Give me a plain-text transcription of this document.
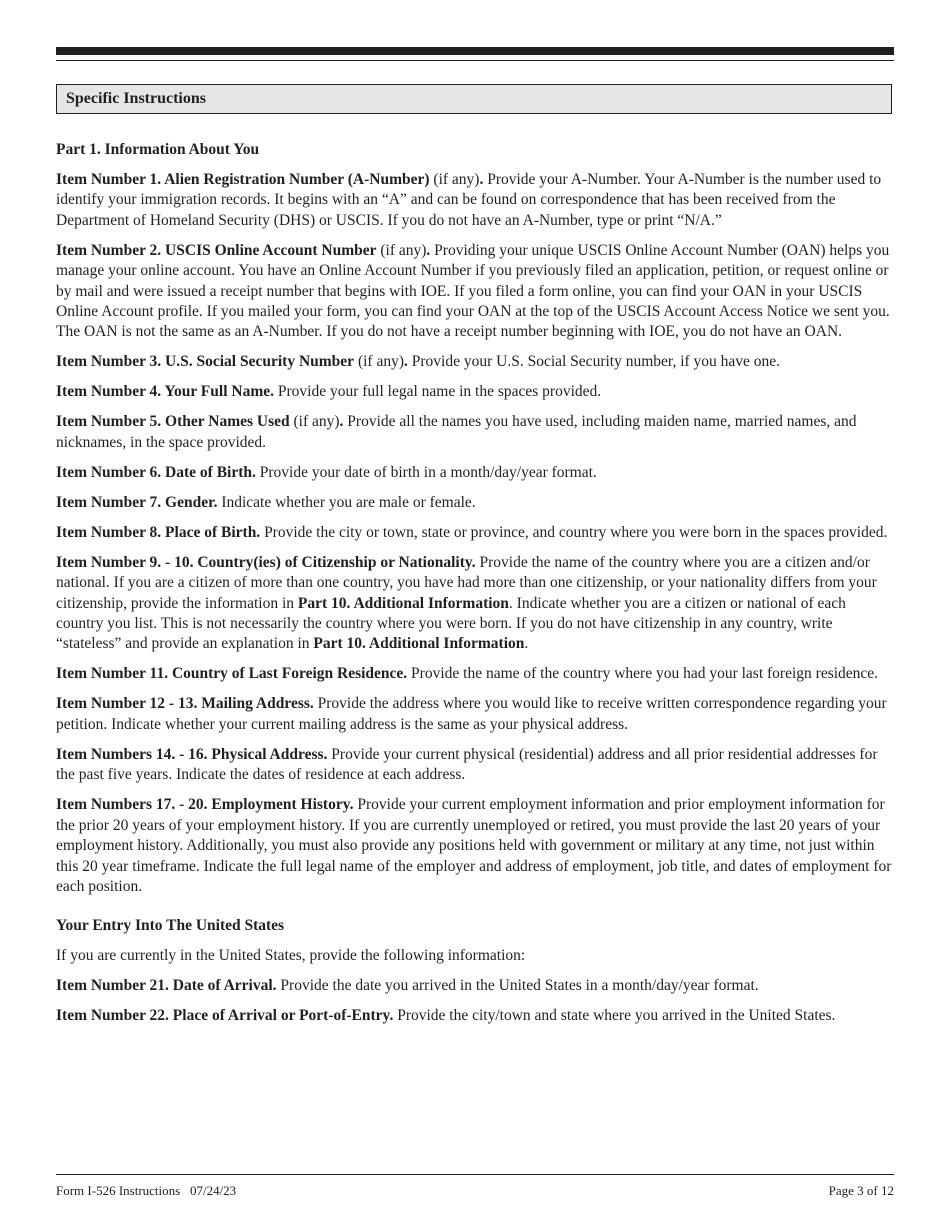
Specific Instructions
Part 1. Information About You

Item Number 1. Alien Registration Number (A-Number) (if any). Provide your A-Number. Your A-Number is the number used to identify your immigration records. It begins with an “A” and can be found on correspondence that has been received from the Department of Homeland Security (DHS) or USCIS. If you do not have an A-Number, type or print “N/A.”

Item Number 2. USCIS Online Account Number (if any). Providing your unique USCIS Online Account Number (OAN) helps you manage your online account. You have an Online Account Number if you previously filed an application, petition, or request online or by mail and were issued a receipt number that begins with IOE. If you filed a form online, you can find your OAN in your USCIS Online Account profile. If you mailed your form, you can find your OAN at the top of the USCIS Account Access Notice we sent you. The OAN is not the same as an A-Number. If you do not have a receipt number beginning with IOE, you do not have an OAN.

Item Number 3. U.S. Social Security Number (if any). Provide your U.S. Social Security number, if you have one.

Item Number 4. Your Full Name. Provide your full legal name in the spaces provided.

Item Number 5. Other Names Used (if any). Provide all the names you have used, including maiden name, married names, and nicknames, in the space provided.

Item Number 6. Date of Birth. Provide your date of birth in a month/day/year format.

Item Number 7. Gender. Indicate whether you are male or female.

Item Number 8. Place of Birth. Provide the city or town, state or province, and country where you were born in the spaces provided.

Item Number 9. - 10. Country(ies) of Citizenship or Nationality. Provide the name of the country where you are a citizen and/or national. If you are a citizen of more than one country, you have had more than one citizenship, or your nationality differs from your citizenship, provide the information in Part 10. Additional Information. Indicate whether you are a citizen or national of each country you list. This is not necessarily the country where you were born. If you do not have citizenship in any country, write “stateless” and provide an explanation in Part 10. Additional Information.

Item Number 11. Country of Last Foreign Residence. Provide the name of the country where you had your last foreign residence.

Item Number 12 - 13. Mailing Address. Provide the address where you would like to receive written correspondence regarding your petition. Indicate whether your current mailing address is the same as your physical address.

Item Numbers 14. - 16. Physical Address. Provide your current physical (residential) address and all prior residential addresses for the past five years. Indicate the dates of residence at each address.

Item Numbers 17. - 20. Employment History. Provide your current employment information and prior employment information for the prior 20 years of your employment history. If you are currently unemployed or retired, you must provide the last 20 years of your employment history. Additionally, you must also provide any positions held with government or military at any time, not just within this 20 year timeframe. Indicate the full legal name of the employer and address of employment, job title, and dates of employment for each position.

Your Entry Into The United States

If you are currently in the United States, provide the following information:

Item Number 21. Date of Arrival. Provide the date you arrived in the United States in a month/day/year format.

Item Number 22. Place of Arrival or Port-of-Entry. Provide the city/town and state where you arrived in the United States.

Form I-526 Instructions   07/24/23	Page 3 of 12
